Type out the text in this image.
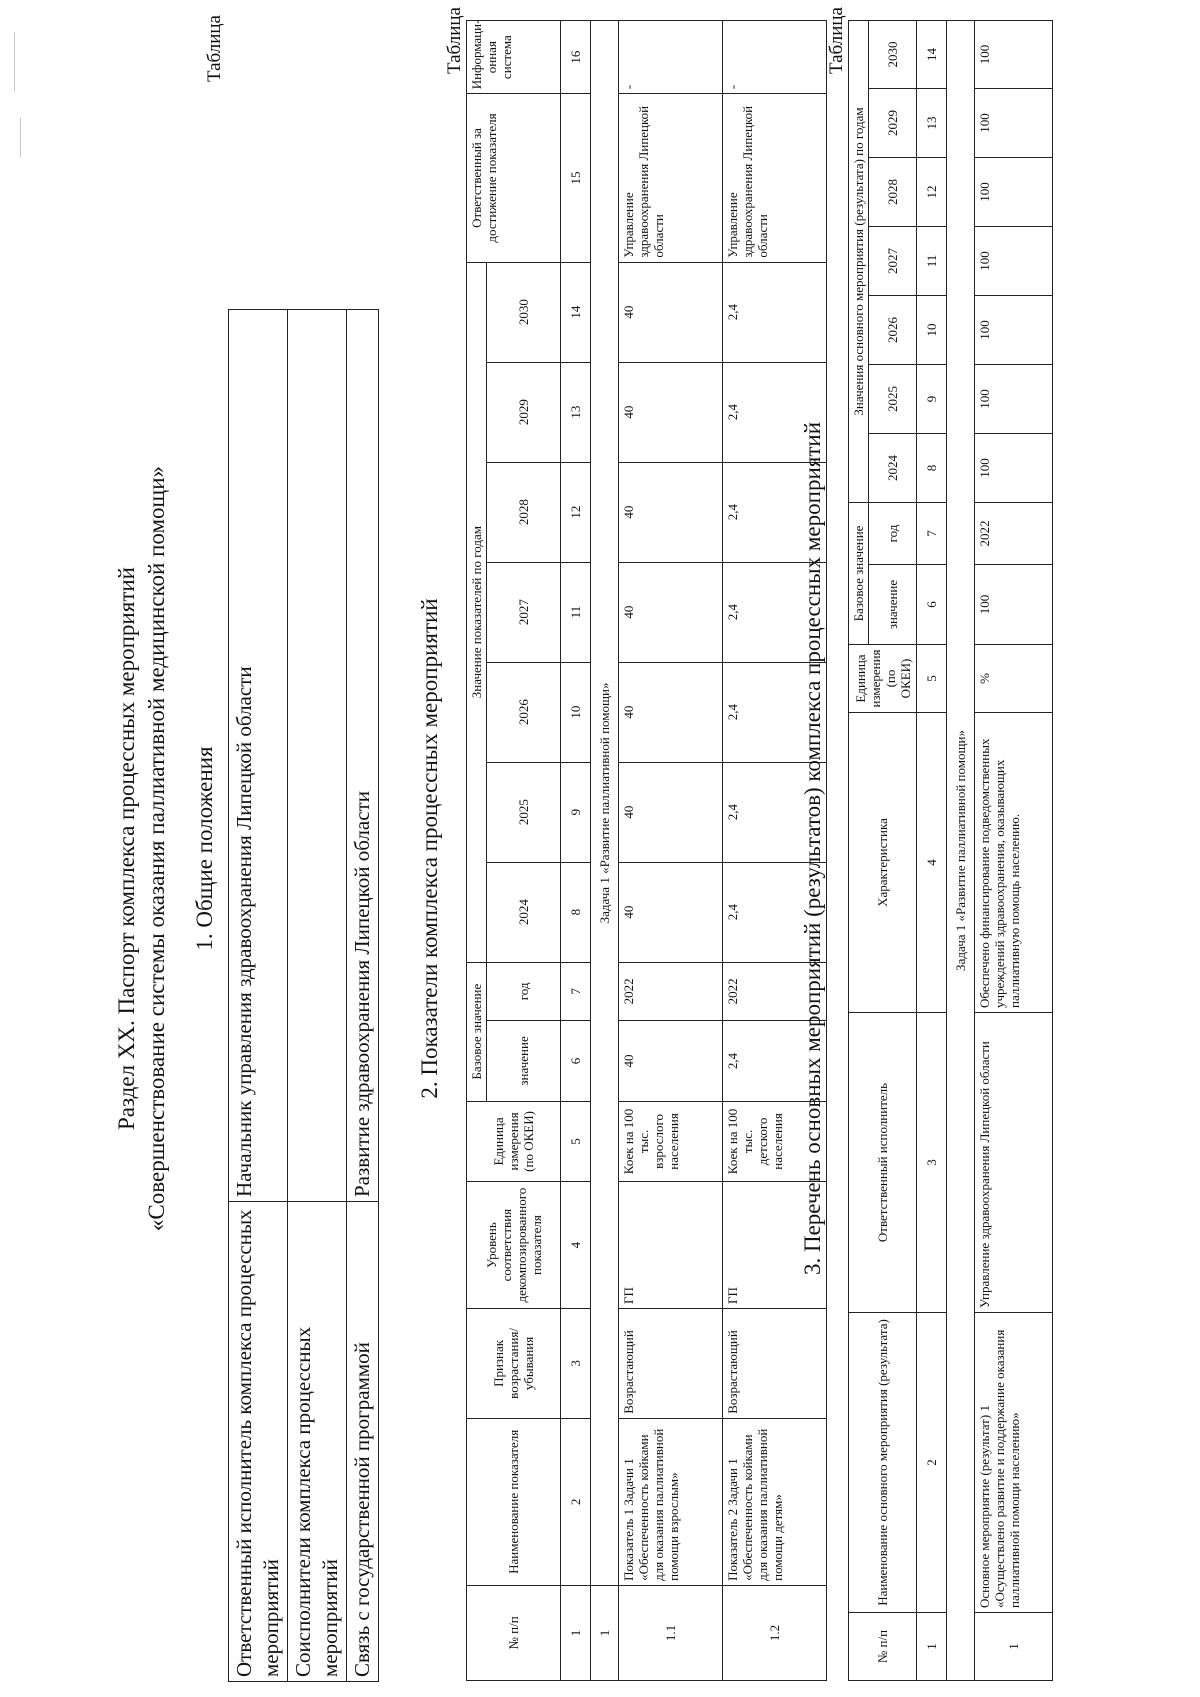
Раздел XX. Паспорт комплекса процессных мероприятий «Совершенствование системы оказания паллиативной медицинской помощи» 1. Общие положения
Таблица
Ответственный исполнитель комплекса процессных мероприятий	Начальник управления здравоохранения Липецкой области
Соисполнители комплекса процессных мероприятий	
Связь с государственной программой	Развитие здравоохранения Липецкой области 2. Показатели комплекса процессных мероприятий
Таблица
№ п/п	Наименование показателя	Признак возрастания/ убывания	Уровень соответствия декомпозированного показателя	Единица измерения (по ОКЕИ)	Базовое значение		Значение показателей по годам							Ответственный за достижение показателя	Информаци-онная система
					значение	год	2024	2025	2026	2027	2028	2029	2030		
1	2	3	4	5	6	7	8	9	10	11	12	13	14	15	16
1	Задача 1 «Развитие паллиативной помощи»														
1.1	Показатель 1 Задачи 1 «Обеспеченность койками для оказания паллиативной помощи взрослым»	Возрастающий	ГП	Коек на 100 тыс. взрослого населения	40	2022	40	40	40	40	40	40	40	Управление здравоохранения Липецкой области	-
1.2	Показатель 2 Задачи 1 «Обеспеченность койками для оказания паллиативной помощи детям»	Возрастающий	ГП	Коек на 100 тыс. детского населения	2,4	2022	2,4	2,4	2,4	2,4	2,4	2,4	2,4	Управление здравоохранения Липецкой области	-
3. Перечень основных мероприятий (результатов) комплекса процессных мероприятий
Таблица
№ п/п	Наименование основного мероприятия (результата)	Ответственный исполнитель	Характеристика	Единица измерения (по ОКЕИ)	Базовое значение		Значения основного мероприятия (результата) по годам						
					значение	год	2024	2025	2026	2027	2028	2029	2030
1	2	3	4	5	6	7	8	9	10	11	12	13	14
Задача 1 «Развитие паллиативной помощи»													
1	Основное мероприятие (результат) 1 «Осуществлено развитие и поддержание оказания паллиативной помощи населению»	Управление здравоохранения Липецкой области	Обеспечено финансирование подведомственных учреждений здравоохранения, оказывающих паллиативную помощь населению.	%	100	2022	100	100	100	100	100	100	100
